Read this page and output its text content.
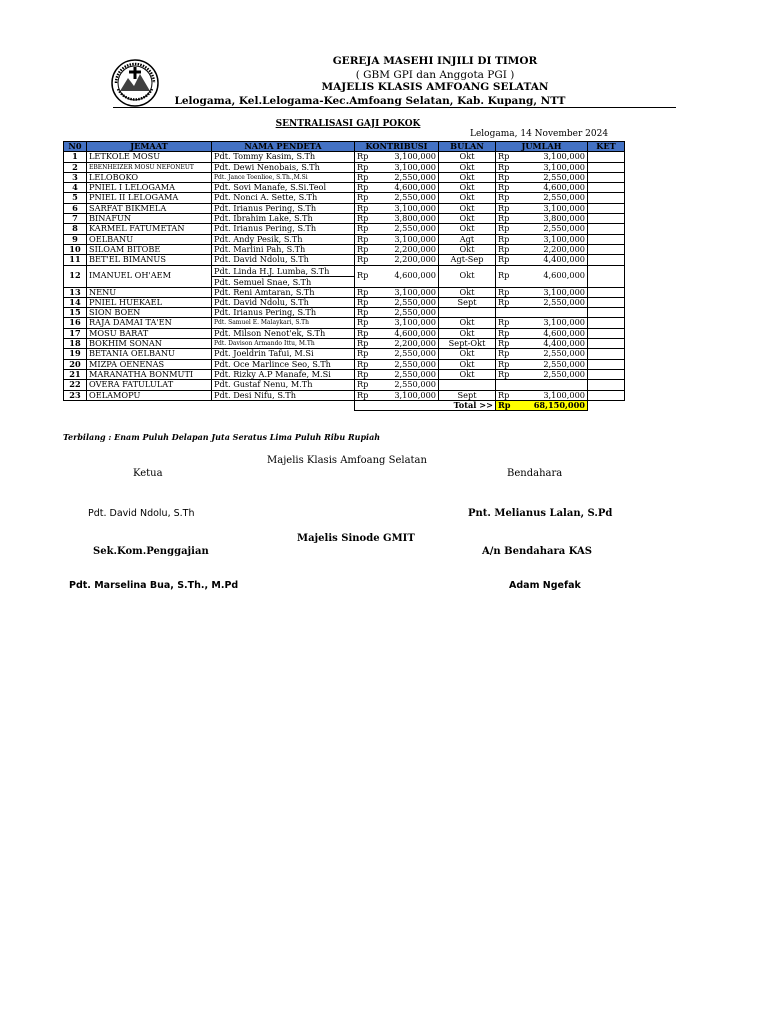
GEREJA MASEHI INJILI DI TIMOR
( GBM GPI dan Anggota PGI )
MAJELIS KLASIS AMFOANG SELATAN
Lelogama, Kel.Lelogama-Kec.Amfoang Selatan, Kab. Kupang, NTT
SENTRALISASI GAJI POKOK
Lelogama, 14 November 2024
N0	JEMAAT	NAMA PENDETA	KONTRIBUSI		BULAN	JUMLAH		KET
1	LETKOLE MOSU	Pdt. Tommy Kasim, S.Th	Rp	3,100,000	Okt	Rp	3,100,000	
2	EBENHEIZER MOSU NEFONEUT	Pdt. Dewi Nenobais, S.Th	Rp	3,100,000	Okt	Rp	3,100,000	
3	LELOBOKO	Pdt. Jance Toenlioe, S.Th.,M.Si	Rp	2,550,000	Okt	Rp	2,550,000	
4	PNIEL I LELOGAMA	Pdt. Sovi Manafe, S.Si.Teol	Rp	4,600,000	Okt	Rp	4,600,000	
5	PNIEL II LELOGAMA	Pdt. Nonci A. Sette, S.Th	Rp	2,550,000	Okt	Rp	2,550,000	
6	SARFAT BIKMELA	Pdt. Irianus Pering, S.Th	Rp	3,100,000	Okt	Rp	3,100,000	
7	BINAFUN	Pdt. Ibrahim Lake, S.Th	Rp	3,800,000	Okt	Rp	3,800,000	
8	KARMEL FATUMETAN	Pdt. Irianus Pering, S.Th	Rp	2,550,000	Okt	Rp	2,550,000	
9	OELBANU	Pdt. Andy Pesik, S.Th	Rp	3,100,000	Agt	Rp	3,100,000	
10	SILOAM BITOBE	Pdt. Marlini Pah, S.Th	Rp	2,200,000	Okt	Rp	2,200,000	
11	BET'EL BIMANUS	Pdt. David Ndolu, S.Th	Rp	2,200,000	Agt-Sep	Rp	4,400,000	
12	IMANUEL OH'AEM	Pdt. Linda H.J. Lumba, S.Th
Pdt. Semuel Snae, S.Th	Rp	4,600,000	Okt	Rp	4,600,000	
13	NENU	Pdt. Reni Amtaran, S.Th	Rp	3,100,000	Okt	Rp	3,100,000	
14	PNIEL HUEKAEL	Pdt. David Ndolu, S.Th	Rp	2,550,000	Sept	Rp	2,550,000	
15	SION BOEN	Pdt. Irianus Pering, S.Th	Rp	2,550,000				
16	RAJA DAMAI TA'EN	Pdt. Samuel E. Malaykari, S.Th	Rp	3,100,000	Okt	Rp	3,100,000	
17	MOSU BARAT	Pdt. Milson Nenot'ek, S.Th	Rp	4,600,000	Okt	Rp	4,600,000	
18	BOKHIM SONAN	Pdt. Davison Armando Ittu, M.Th	Rp	2,200,000	Sept-Okt	Rp	4,400,000	
19	BETANIA OELBANU	Pdt. Joeldrin Tafui, M.Si	Rp	2,550,000	Okt	Rp	2,550,000	
20	MIZPA OENENAS	Pdt. Oce Marlince Seo, S.Th	Rp	2,550,000	Okt	Rp	2,550,000	
21	MARANATHA BONMUTI	Pdt. Rizky A.P Manafe, M.Si	Rp	2,550,000	Okt	Rp	2,550,000	
22	OVERA FATULULAT	Pdt. Gustaf Nenu, M.Th	Rp	2,550,000				
23	OELAMOPU	Pdt. Desi Nifu, S.Th	Rp	3,100,000	Sept	Rp	3,100,000	
			Total >>			Rp	68,150,000	
Terbilang : Enam Puluh Delapan Juta Seratus Lima Puluh Ribu Rupiah
Majelis Klasis Amfoang Selatan
Ketua	Bendahara
Pdt. David Ndolu, S.Th	Pnt. Melianus Lalan, S.Pd
Majelis Sinode GMIT
Sek.Kom.Penggajian	A/n Bendahara KAS
Pdt. Marselina Bua, S.Th., M.Pd	Adam Ngefak
